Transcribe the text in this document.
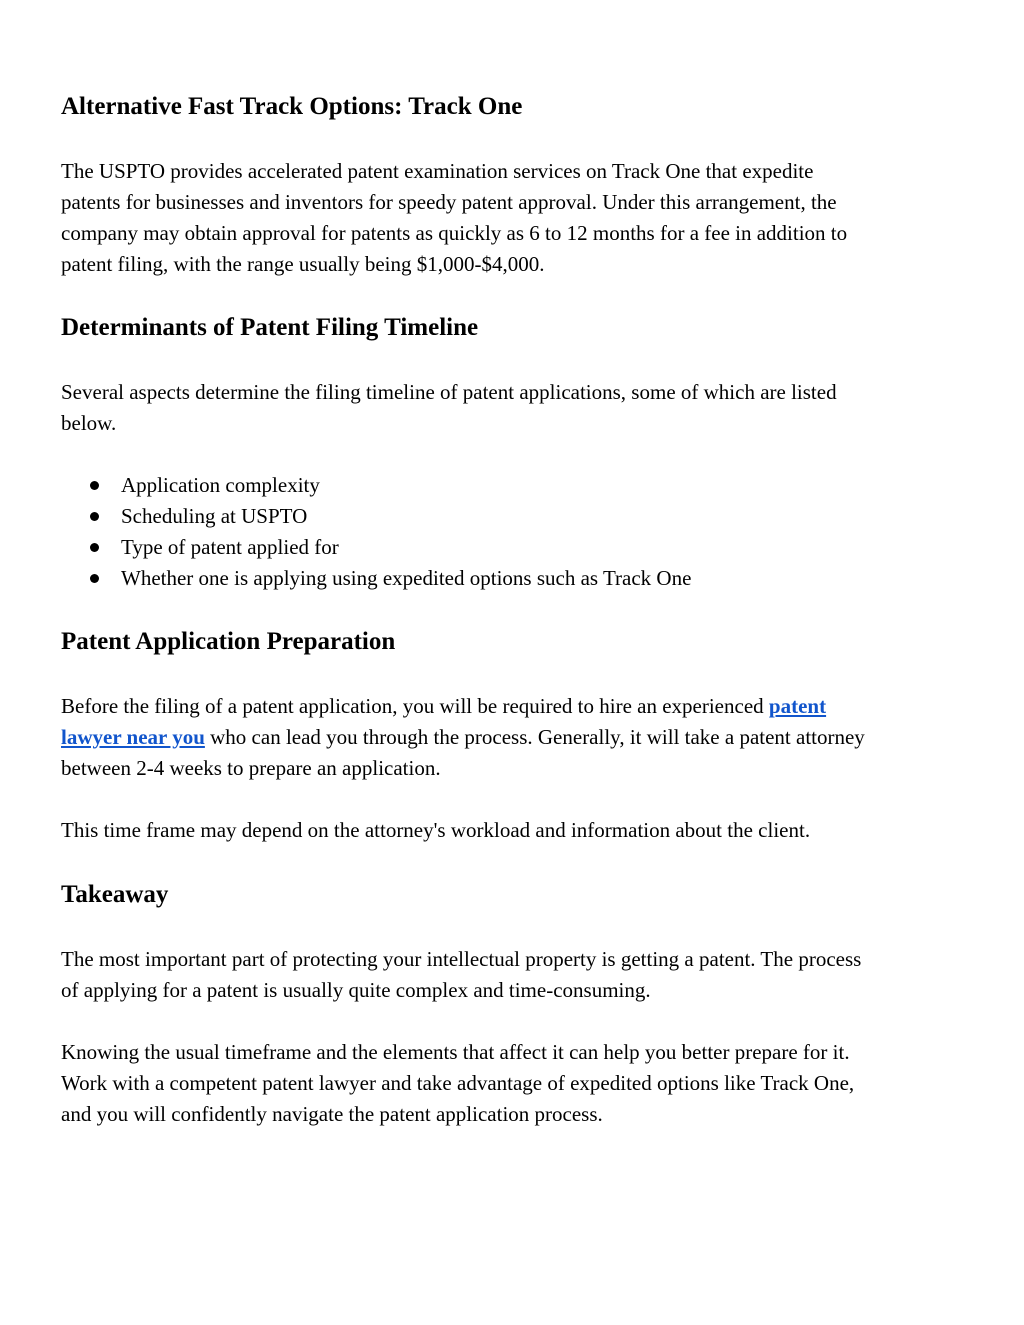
Alternative Fast Track Options: Track One
The USPTO provides accelerated patent examination services on Track One that expedite
patents for businesses and inventors for speedy patent approval. Under this arrangement, the
company may obtain approval for patents as quickly as 6 to 12 months for a fee in addition to
patent filing, with the range usually being $1,000-$4,000.
Determinants of Patent Filing Timeline
Several aspects determine the filing timeline of patent applications, some of which are listed
below.
Application complexity
Scheduling at USPTO
Type of patent applied for
Whether one is applying using expedited options such as Track One
Patent Application Preparation
Before the filing of a patent application, you will be required to hire an experienced patent
lawyer near you who can lead you through the process. Generally, it will take a patent attorney
between 2-4 weeks to prepare an application.
This time frame may depend on the attorney's workload and information about the client.
Takeaway
The most important part of protecting your intellectual property is getting a patent. The process
of applying for a patent is usually quite complex and time-consuming.
Knowing the usual timeframe and the elements that affect it can help you better prepare for it.
Work with a competent patent lawyer and take advantage of expedited options like Track One,
and you will confidently navigate the patent application process.
